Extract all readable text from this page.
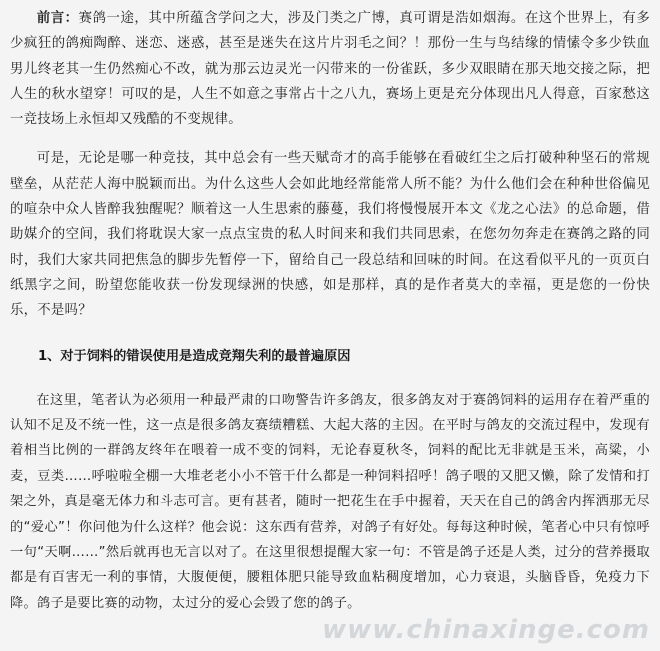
前言：赛鸽一途，其中所蕴含学问之大，涉及门类之广博，真可谓是浩如烟海。在这个世界上，有多少疯狂的鸽痴陶醉、迷恋、迷惑，甚至是迷失在这片片羽毛之间？！那份一生与鸟结缘的情愫令多少铁血男儿终老其一生仍然痴心不改，就为那云边灵光一闪带来的一份雀跃，多少双眼睛在那天地交接之际，把人生的秋水望穿！可叹的是，人生不如意之事常占十之八九，赛场上更是充分体现出凡人得意，百家愁这一竞技场上永恒却又残酷的不变规律。

可是，无论是哪一种竞技，其中总会有一些天赋奇才的高手能够在看破红尘之后打破种种坚石的常规壁垒，从茫茫人海中脱颖而出。为什么这些人会如此地经常能常人所不能？为什么他们会在种种世俗偏见的喧杂中众人皆醉我独醒呢？顺着这一人生思索的藤蔓，我们将慢慢展开本文《龙之心法》的总命题，借助媒介的空间，我们将耽误大家一点点宝贵的私人时间来和我们共同思索，在您勿勿奔走在赛鸽之路的同时，我们大家共同把焦急的脚步先暂停一下，留给自己一段总结和回味的时间。在这看似平凡的一页页白纸黑字之间，盼望您能收获一份发现绿洲的快感，如是那样，真的是作者莫大的幸福，更是您的一份快乐，不是吗？

1、对于饲料的错误使用是造成竞翔失利的最普遍原因

在这里，笔者认为必须用一种最严肃的口吻警告许多鸽友，很多鸽友对于赛鸽饲料的运用存在着严重的认知不足及不统一性，这一点是很多鸽友赛绩糟糕、大起大落的主因。在平时与鸽友的交流过程中，发现有着相当比例的一群鸽友终年在喂着一成不变的饲料，无论春夏秋冬，饲料的配比无非就是玉米，高粱，小麦，豆类……呼啦啦全棚一大堆老老小小不管干什么都是一种饲料招呼！鸽子喂的又肥又懒，除了发情和打架之外，真是毫无体力和斗志可言。更有甚者，随时一把花生在手中握着，天天在自己的鸽舍内挥洒那无尽的“爱心”！你问他为什么这样？他会说：这东西有营养，对鸽子有好处。每每这种时候，笔者心中只有惊呼一句“天啊……”然后就再也无言以对了。在这里很想提醒大家一句：不管是鸽子还是人类，过分的营养摄取都是有百害无一利的事情，大腹便便，腰粗体肥只能导致血粘稠度增加，心力衰退，头脑昏昏，免疫力下降。鸽子是要比赛的动物，太过分的爱心会毁了您的鸽子。

www.chinaxinge.com
